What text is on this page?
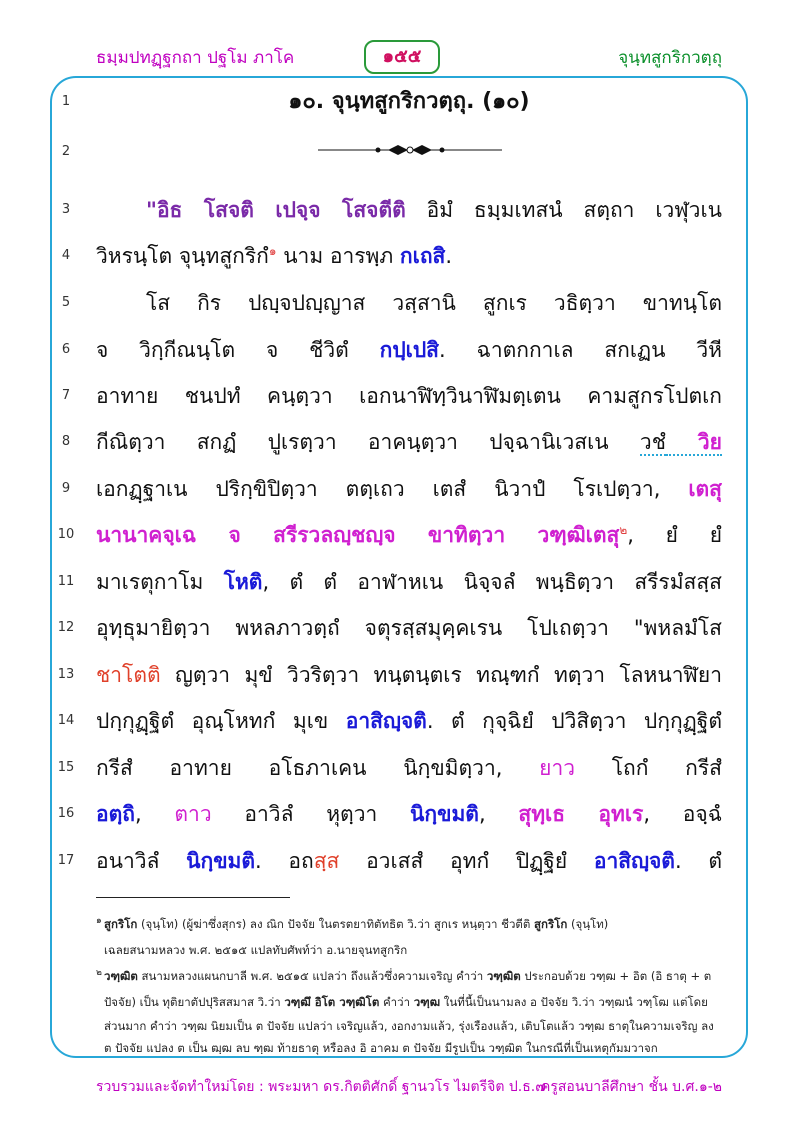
ธมฺมปทฏฺฐกถา ปฐโม ภาโค	๑๕๕	จุนฺทสูกริกวตฺถุ
1
2
3
4
5
6
7
8
9
10
11
12
13
14
15
16
17
๑๐. จุนฺทสูกริกวตฺถุ. (๑๐)
"อิธ โสจติ เปจฺจ โสจตีติ อิมํ ธมฺมเทสนํ สตฺถา เวฬุวเน
วิหรนฺโต จุนฺทสูกริกํ$^๑$ นาม อารพฺภ กเถสิ.
โส กิร ปญฺจปญฺญาส วสฺสานิ สูกเร วธิตฺวา ขาทนฺโต
จ วิกฺกีณนฺโต จ ชีวิตํ กปฺเปสิ. ฉาตกกาเล สกเฏน วีหี
อาทาย ชนปทํ คนฺตฺวา เอกนาฬิทฺวินาฬิมตฺเตน คามสูกรโปตเก
กีณิตฺวา สกฏํ ปูเรตฺวา อาคนฺตฺวา ปจฺฉานิเวสเน วชํ วิย
เอกฏฺฐาเน ปริกฺขิปิตฺวา ตตฺเถว เตสํ นิวาปํ โรเปตฺวา, เตสุ
นานาคจฺเฉ จ สรีรวลญฺชญฺจ ขาทิตฺวา วฑฺฒิเตสุ$^๒$, ยํ ยํ
มาเรตุกาโม โหติ, ตํ ตํ อาฬาหเน นิจฺจลํ พนฺธิตฺวา สรีรมํสสฺส
อุทฺธุมายิตฺวา พหลภาวตฺถํ จตุรสฺสมุคฺคเรน โปเถตฺวา "พหลมํโส
ชาโตติ ญตฺวา มุขํ วิวริตฺวา ทนฺตนฺตเร ทณฺฑกํ ทตฺวา โลหนาฬิยา
ปกฺกุฏฺฐิตํ อุณฺโหทกํ มุเข อาสิญฺจติ. ตํ กุจฺฉิยํ ปวิสิตฺวา ปกฺกุฏฺฐิตํ
กรีสํ อาทาย อโธภาเคน นิกฺขมิตฺวา, ยาว โถกํ กรีสํ
อตฺถิ, ตาว อาวิลํ หุตฺวา นิกฺขมติ, สุทฺเธ อุทเร, อจฺฉํ
อนาวิลํ นิกฺขมติ. อถสฺส อวเสสํ อุทกํ ปิฏฺฐิยํ อาสิญฺจติ. ตํ
๑ สูกริโก (จุนฺโท) (ผู้ฆ่าซึ่งสุกร) ลง ณิก ปัจจัย ในตรตยาทิตัทธิต วิ.ว่า สูกเร หนฺตฺวา ชีวตีติ สูกริโก (จุนฺโท)
เฉลยสนามหลวง พ.ศ. ๒๕๑๕ แปลทับศัพท์ว่า อ.นายจุนทสูกริก
๒ วฑฺฒิต สนามหลวงแผนกบาลี พ.ศ. ๒๕๑๕ แปลว่า ถึงแล้วซึ่งความเจริญ คำว่า วฑฺฒิต ประกอบด้วย วฑฺฒ + อิต (อิ ธาตุ + ต
ปัจจัย) เป็น ทุติยาตัปปุริสสมาส วิ.ว่า วฑฺฒึ อิโต วฑฺฒิโต คำว่า วฑฺฒ ในที่นี้เป็นนามลง อ ปัจจัย วิ.ว่า วฑฺฒนํ วฑฺโฒ แต่โดย
ส่วนมาก คำว่า วฑฺฒ นิยมเป็น ต ปัจจัย แปลว่า เจริญแล้ว, งอกงามแล้ว, รุ่งเรืองแล้ว, เติบโตแล้ว วฑฺฒ ธาตุในความเจริญ ลง
ต ปัจจัย แปลง ต เป็น ฒฺฒ ลบ ฑฺฒ ท้ายธาตุ หรือลง อิ อาคม ต ปัจจัย มีรูปเป็น วฑฺฒิต ในกรณีที่เป็นเหตุกัมมวาจก
รวบรวมและจัดทำใหม่โดย : พระมหา ดร.กิตติศักดิ์ ฐานวโร ไมตรีจิต ป.ธ.๗
ครูสอนบาลีศึกษา ชั้น บ.ศ.๑-๒
